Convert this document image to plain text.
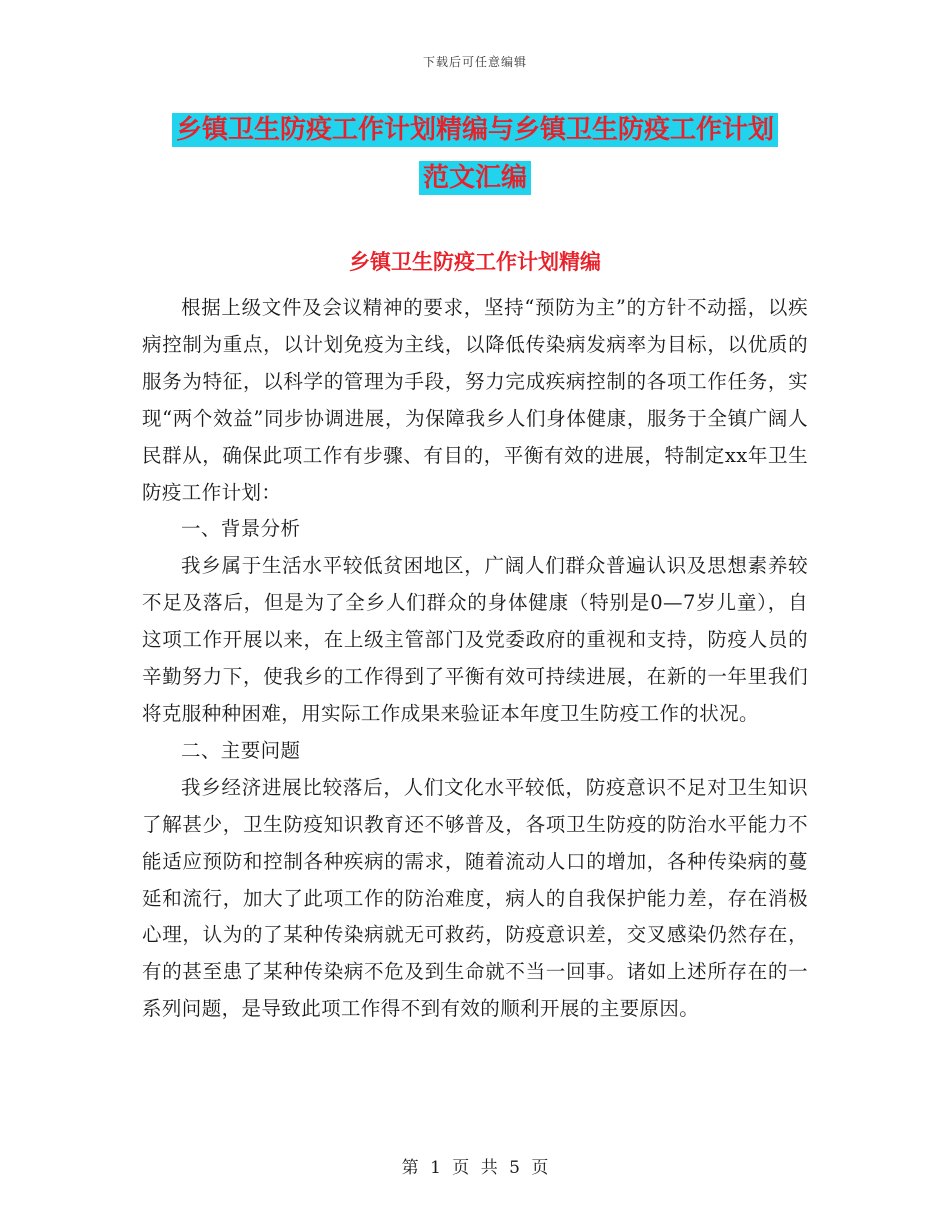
下载后可任意编辑
乡镇卫生防疫工作计划精编与乡镇卫生防疫工作计划
范文汇编
乡镇卫生防疫工作计划精编

根据上级文件及会议精神的要求，坚持“预防为主”的方针不动摇，以疾病控制为重点，以计划免疫为主线，以降低传染病发病率为目标，以优质的服务为特征，以科学的管理为手段，努力完成疾病控制的各项工作任务，实现“两个效益”同步协调进展，为保障我乡人们身体健康，服务于全镇广阔人民群从，确保此项工作有步骤、有目的，平衡有效的进展，特制定xx年卫生防疫工作计划：

一、背景分析

我乡属于生活水平较低贫困地区，广阔人们群众普遍认识及思想素养较不足及落后，但是为了全乡人们群众的身体健康（特别是0—7岁儿童），自这项工作开展以来，在上级主管部门及党委政府的重视和支持，防疫人员的辛勤努力下，使我乡的工作得到了平衡有效可持续进展，在新的一年里我们将克服种种困难，用实际工作成果来验证本年度卫生防疫工作的状况。

二、主要问题

我乡经济进展比较落后，人们文化水平较低，防疫意识不足对卫生知识了解甚少，卫生防疫知识教育还不够普及，各项卫生防疫的防治水平能力不能适应预防和控制各种疾病的需求，随着流动人口的增加，各种传染病的蔓延和流行，加大了此项工作的防治难度，病人的自我保护能力差，存在消极心理，认为的了某种传染病就无可救药，防疫意识差，交叉感染仍然存在，有的甚至患了某种传染病不危及到生命就不当一回事。诸如上述所存在的一系列问题，是导致此项工作得不到有效的顺利开展的主要原因。

第 1 页 共 5 页
